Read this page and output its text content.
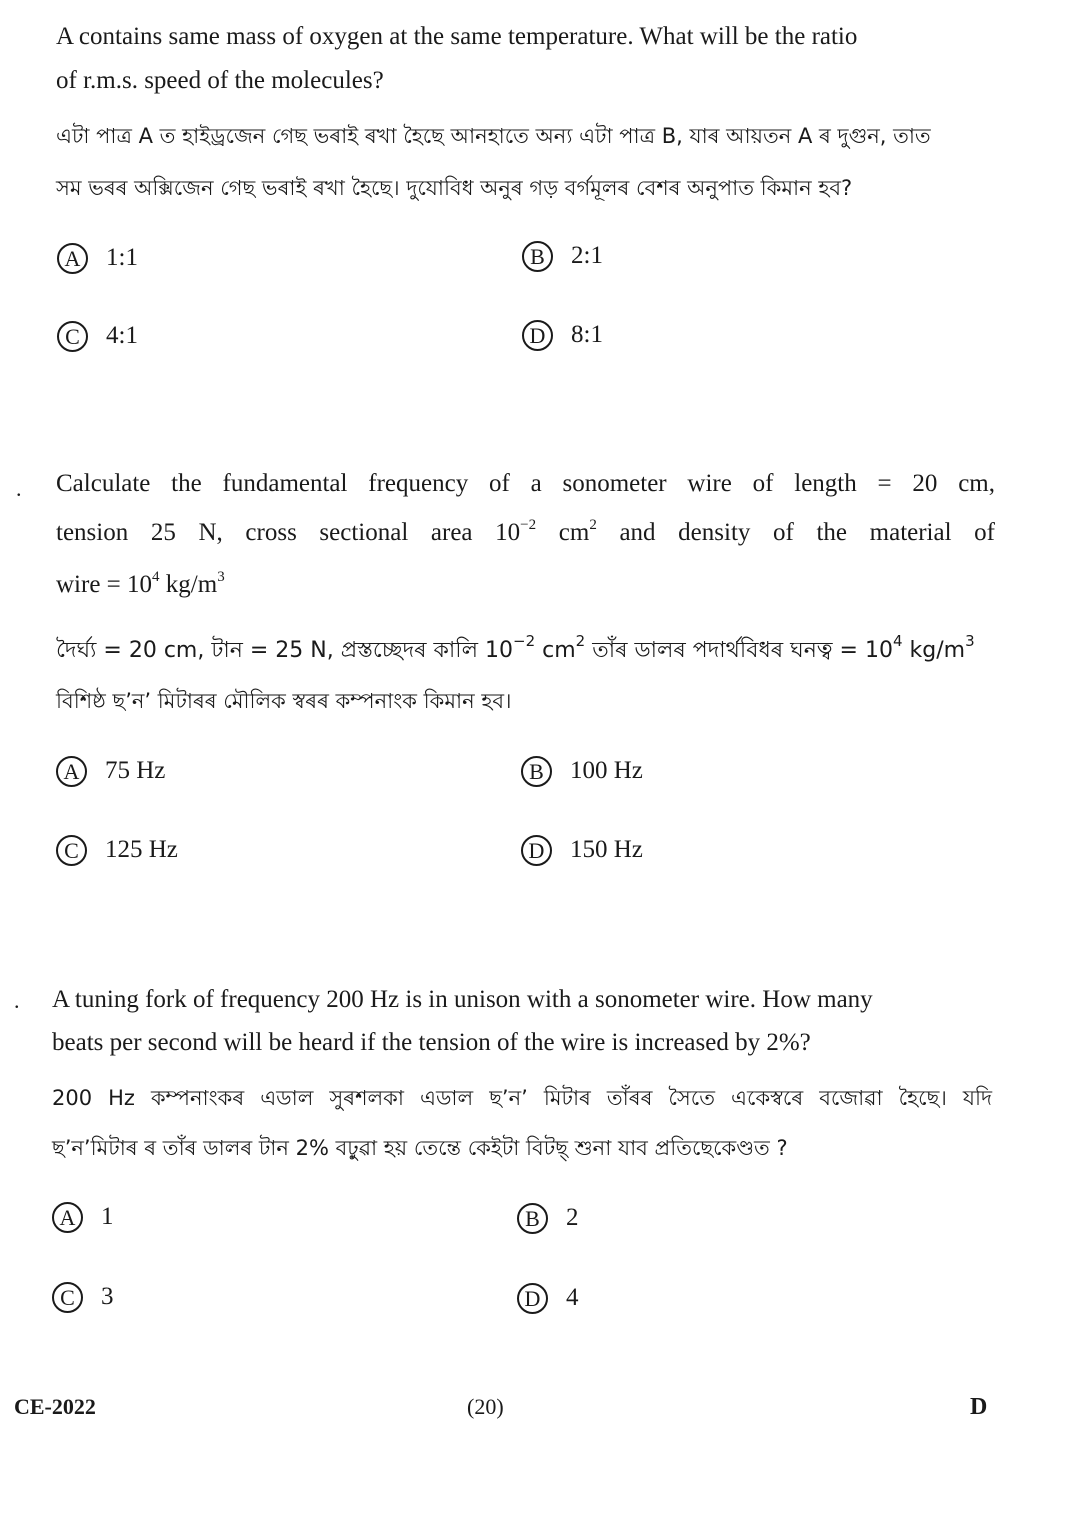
A contains same mass of oxygen at the same temperature. What will be the ratio
of r.m.s. speed of the molecules?
এটা পাত্ৰ A ত হাইড্ৰজেন গেছ ভৰাই ৰখা হৈছে আনহাতে অন্য এটা পাত্ৰ B, যাৰ আয়তন A ৰ দুগুন, তাত
সম ভৰৰ অক্সিজেন গেছ ভৰাই ৰখা হৈছে। দুযোবিধ অনুৰ গড় বৰ্গমূলৰ বেশৰ অনুপাত কিমান হব?
A	1:1	B	2:1
C	4:1	D	8:1
. Calculate the fundamental frequency of a sonometer wire of length = 20 cm,
tension 25 N, cross sectional area $10^{-2}$ $cm^2$ and density of the material of
wire = $10^4$ $kg/m^3$
দৈৰ্ঘ্য = 20 cm, টান = 25 N, প্ৰস্তচ্ছেদৰ কালি $10^{-2}$ $cm^2$ তাঁৰ ডালৰ পদাৰ্থবিধৰ ঘনত্ব = $10^4$ $kg/m^3$
বিশিষ্ঠ ছ’ন’ মিটাৰৰ মৌলিক স্বৰৰ কম্পনাংক কিমান হব।
A	75 Hz	B	100 Hz
C	125 Hz	D	150 Hz
. A tuning fork of frequency 200 Hz is in unison with a sonometer wire. How many
beats per second will be heard if the tension of the wire is increased by 2%?
200 Hz কম্পনাংকৰ এডাল সুৰশলকা এডাল ছ’ন’ মিটাৰ তাঁৰৰ সৈতে একেস্বৰে বজোৱা হৈছে। যদি
ছ’ন’মিটাৰ ৰ তাঁৰ ডালৰ টান 2% বঢ়ুৱা হয় তেন্তে কেইটা বিটছ্ শুনা যাব প্ৰতিছেকেণ্ডত ?
A	1	B	2
C	3	D	4
CE-2022	(20)	D
